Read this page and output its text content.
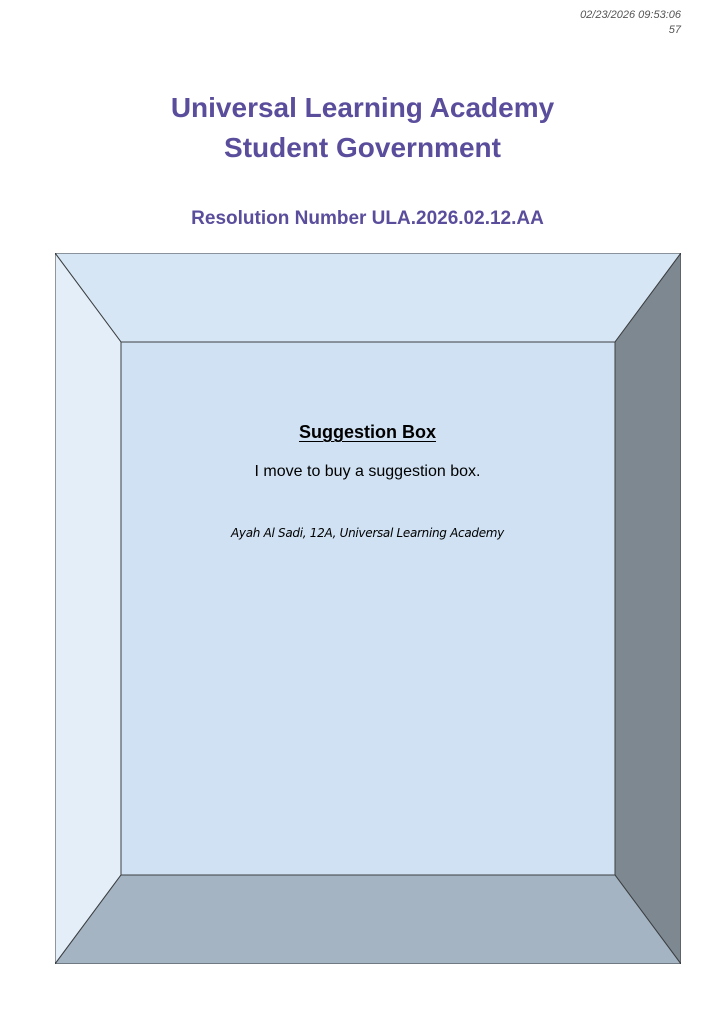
02/23/2026 09:53:06
57
Universal Learning Academy
Student Government
Resolution Number ULA.2026.02.12.AA
Suggestion Box
I move to buy a suggestion box.
Ayah Al Sadi, 12A, Universal Learning Academy
